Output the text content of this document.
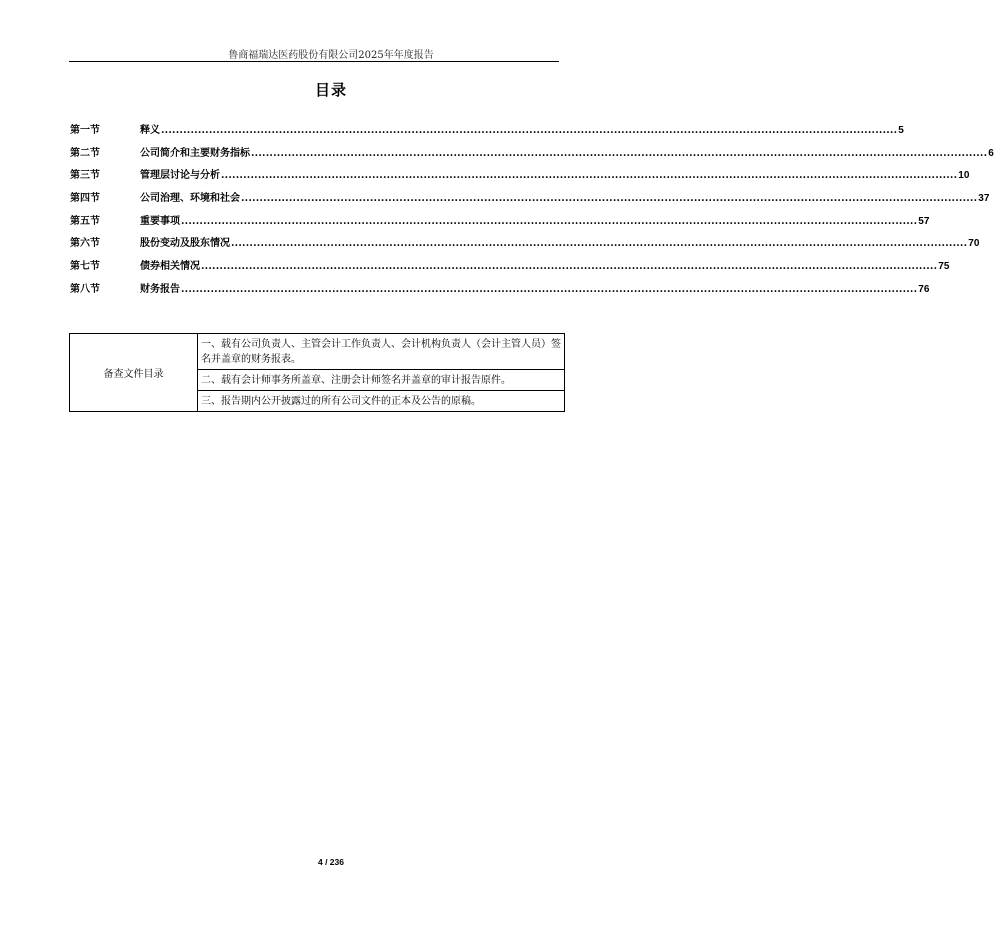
鲁商福瑞达医药股份有限公司2025年年度报告
目录
第一节	释义 ........................................................................................................................................................................................................ 5
第二节	公司简介和主要财务指标 ........................................................................................................................................................................................................ 6
第三节	管理层讨论与分析 ........................................................................................................................................................................................................ 10
第四节	公司治理、环境和社会 ........................................................................................................................................................................................................ 37
第五节	重要事项 ........................................................................................................................................................................................................ 57
第六节	股份变动及股东情况 ........................................................................................................................................................................................................ 70
第七节	债券相关情况 ........................................................................................................................................................................................................ 75
第八节	财务报告 ........................................................................................................................................................................................................ 76
备查文件目录	一、载有公司负责人、主管会计工作负责人、会计机构负责人（会计主管人员）签名并盖章的财务报表。
二、载有会计师事务所盖章、注册会计师签名并盖章的审计报告原件。
三、报告期内公开披露过的所有公司文件的正本及公告的原稿。
4 / 236
